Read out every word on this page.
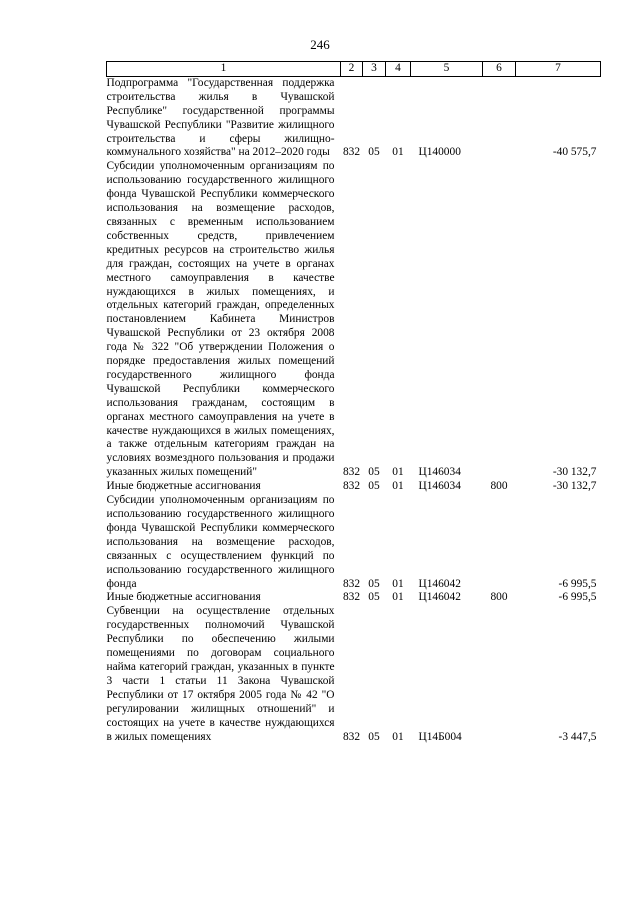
246
1	2	3	4	5	6	7
Подпрограмма "Государственная поддержка строительства жилья в Чувашской Республике" государственной программы Чувашской Республики "Развитие жилищного строительства и сферы жилищно-коммунального хозяйства" на 2012–2020 годы	832	05	01	Ц140000		-40 575,7
Субсидии уполномоченным организациям по использованию государственного жилищного фонда Чувашской Республики коммерческого использования на возмещение расходов, связанных с временным использованием собственных средств, привлечением кредитных ресурсов на строительство жилья для граждан, состоящих на учете в органах местного самоуправления в качестве нуждающихся в жилых помещениях, и отдельных категорий граждан, определенных постановлением Кабинета Министров Чувашской Республики от 23 октября 2008 года № 322 "Об утверждении Положения о порядке предоставления жилых помещений государственного жилищного фонда Чувашской Республики коммерческого использования гражданам, состоящим в органах местного самоуправления на учете в качестве нуждающихся в жилых помещениях, а также отдельным категориям граждан на условиях возмездного пользования и продажи указанных жилых помещений"	832	05	01	Ц146034		-30 132,7
Иные бюджетные ассигнования	832	05	01	Ц146034	800	-30 132,7
Субсидии уполномоченным организациям по использованию государственного жилищного фонда Чувашской Республики коммерческого использования на возмещение расходов, связанных с осуществлением функций по использованию государственного жилищного фонда	832	05	01	Ц146042		-6 995,5
Иные бюджетные ассигнования	832	05	01	Ц146042	800	-6 995,5
Субвенции на осуществление отдельных государственных полномочий Чувашской Республики по обеспечению жилыми помещениями по договорам социального найма категорий граждан, указанных в пункте 3 части 1 статьи 11 Закона Чувашской Республики от 17 октября 2005 года № 42 "О регулировании жилищных отношений" и состоящих на учете в качестве нуждающихся в жилых помещениях	832	05	01	Ц14Б004		-3 447,5
